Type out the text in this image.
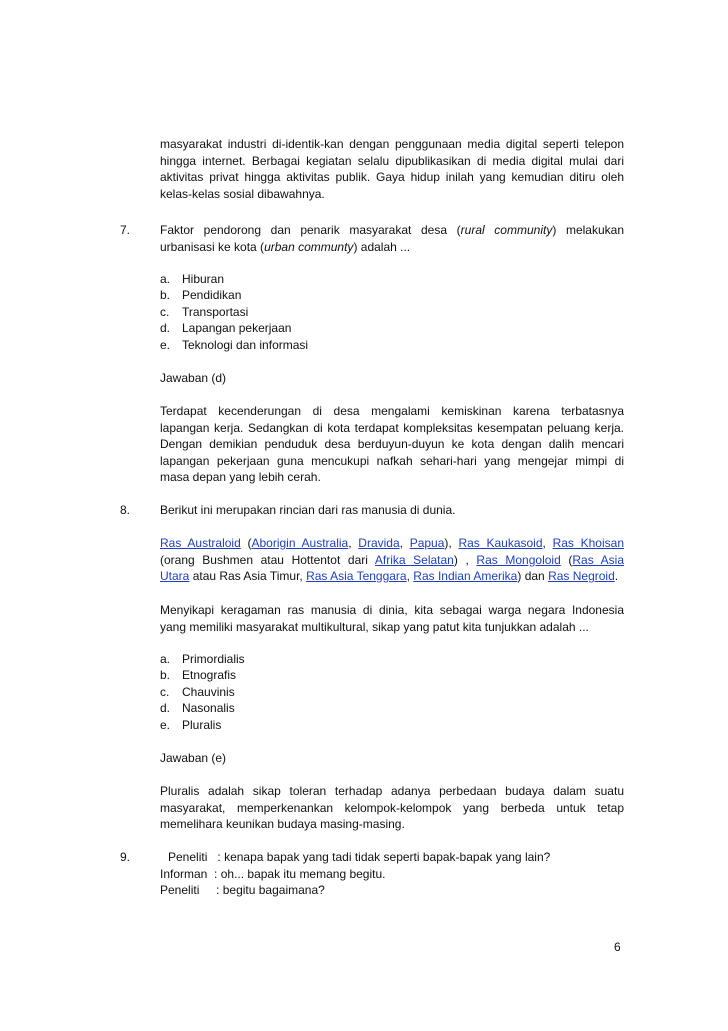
masyarakat industri di-identik-kan dengan penggunaan media digital seperti telepon
hingga internet. Berbagai kegiatan selalu dipublikasikan di media digital mulai dari
aktivitas privat hingga aktivitas publik. Gaya hidup inilah yang kemudian ditiru oleh
kelas-kelas sosial dibawahnya.
7. Faktor pendorong dan penarik masyarakat desa (rural community) melakukan
urbanisasi ke kota (urban communty) adalah ...
a. Hiburan
b. Pendidikan
c. Transportasi
d. Lapangan pekerjaan
e. Teknologi dan informasi
Jawaban (d)
Terdapat kecenderungan di desa mengalami kemiskinan karena terbatasnya
lapangan kerja. Sedangkan di kota terdapat kompleksitas kesempatan peluang kerja.
Dengan demikian penduduk desa berduyun-duyun ke kota dengan dalih mencari
lapangan pekerjaan guna mencukupi nafkah sehari-hari yang mengejar mimpi di
masa depan yang lebih cerah.
8. Berikut ini merupakan rincian dari ras manusia di dunia.
Ras Australoid (Aborigin Australia, Dravida, Papua), Ras Kaukasoid, Ras Khoisan
(orang Bushmen atau Hottentot dari Afrika Selatan) , Ras Mongoloid (Ras Asia
Utara atau Ras Asia Timur, Ras Asia Tenggara, Ras Indian Amerika) dan Ras Negroid.
Menyikapi keragaman ras manusia di dinia, kita sebagai warga negara Indonesia
yang memiliki masyarakat multikultural, sikap yang patut kita tunjukkan adalah ...
a. Primordialis
b. Etnografis
c. Chauvinis
d. Nasonalis
e. Pluralis
Jawaban (e)
Pluralis adalah sikap toleran terhadap adanya perbedaan budaya dalam suatu
masyarakat, memperkenankan kelompok-kelompok yang berbeda untuk tetap
memelihara keunikan budaya masing-masing.
9.	Peneliti : kenapa bapak yang tadi tidak seperti bapak-bapak yang lain?
Informan : oh... bapak itu memang begitu.
Peneliti : begitu bagaimana?
6
